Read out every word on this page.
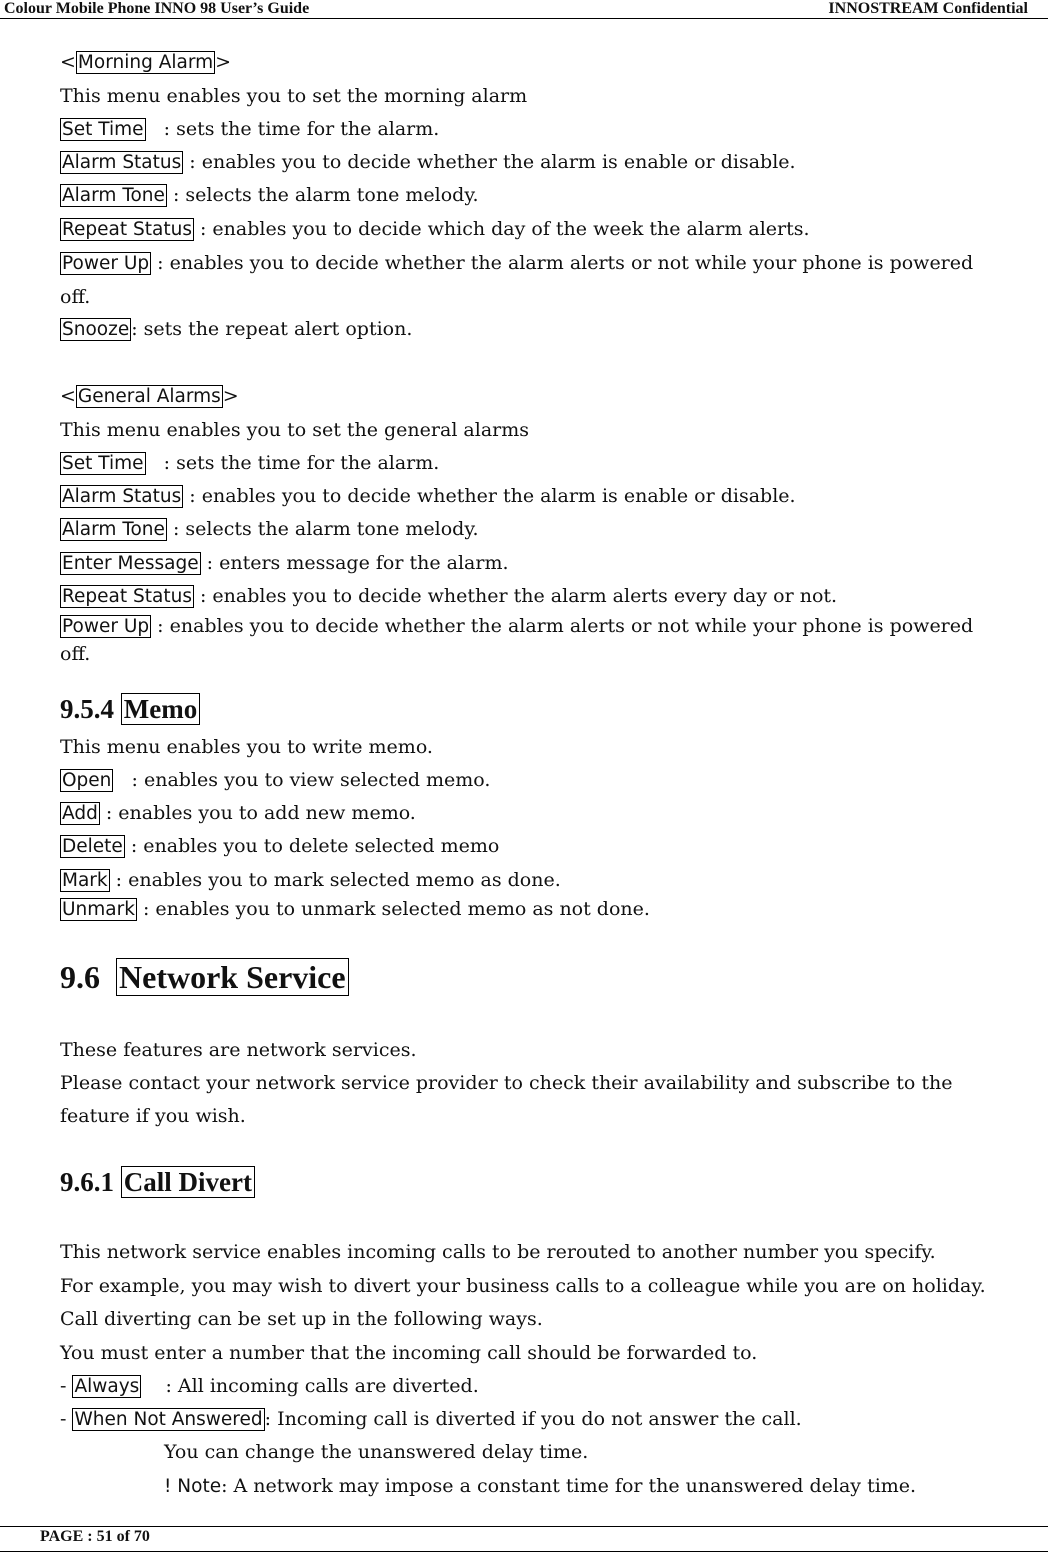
Colour Mobile Phone INNO 98 User’s Guide	INNOSTREAM Confidential
< Morning Alarm >
This menu enables you to set the morning alarm
Set Time   : sets the time for the alarm.
Alarm Status : enables you to decide whether the alarm is enable or disable.
Alarm Tone : selects the alarm tone melody.
Repeat Status : enables you to decide which day of the week the alarm alerts.
Power Up : enables you to decide whether the alarm alerts or not while your phone is powered
off.
Snooze : sets the repeat alert option.
< General Alarms >
This menu enables you to set the general alarms
Set Time   : sets the time for the alarm.
Alarm Status : enables you to decide whether the alarm is enable or disable.
Alarm Tone : selects the alarm tone melody.
Enter Message : enters message for the alarm.
Repeat Status : enables you to decide whether the alarm alerts every day or not.
Power Up : enables you to decide whether the alarm alerts or not while your phone is powered
off.
9.5.4 Memo
This menu enables you to write memo.
Open   : enables you to view selected memo.
Add : enables you to add new memo.
Delete : enables you to delete selected memo
Mark : enables you to mark selected memo as done.
Unmark : enables you to unmark selected memo as not done.
9.6 Network Service
These features are network services.
Please contact your network service provider to check their availability and subscribe to the
feature if you wish.
9.6.1 Call Divert
This network service enables incoming calls to be rerouted to another number you specify.
For example, you may wish to divert your business calls to a colleague while you are on holiday.
Call diverting can be set up in the following ways.
You must enter a number that the incoming call should be forwarded to.
- Always    : All incoming calls are diverted.
- When Not Answered : Incoming call is diverted if you do not answer the call.
You can change the unanswered delay time.
! Note: A network may impose a constant time for the unanswered delay time.
PAGE : 51 of 70
